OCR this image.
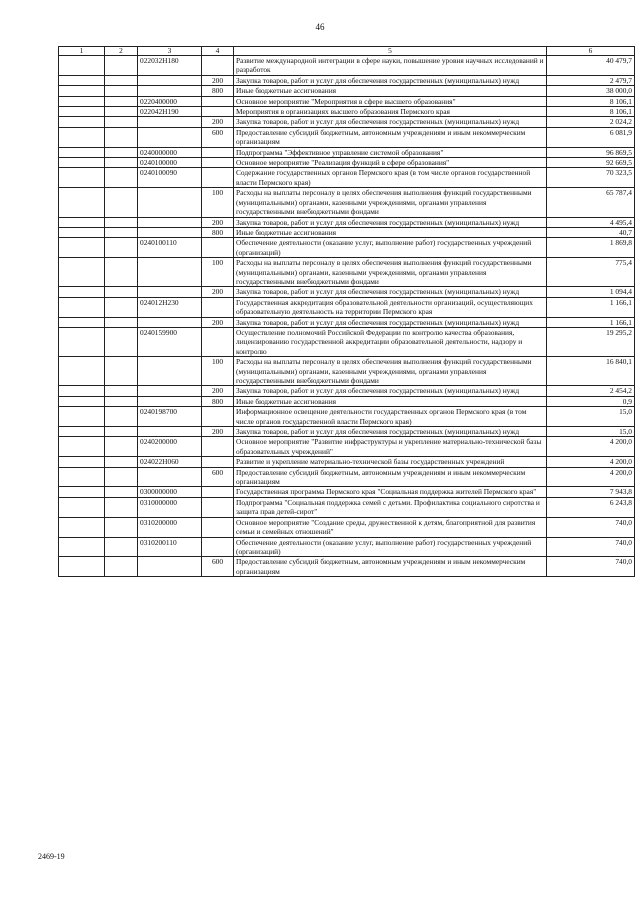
46
1	2	3	4	5	6
		022032Н180		Развитие международной интеграции в сфере науки, повышение уровня научных исследований и разработок	40 479,7
			200	Закупка товаров, работ и услуг для обеспечения государственных (муниципальных) нужд	2 479,7
			800	Иные бюджетные ассигнования	38 000,0
		0220400000		Основное мероприятие "Мероприятия в сфере высшего образования"	8 106,1
		022042Н190		Мероприятия в организациях высшего образования Пермского края	8 106,1
			200	Закупка товаров, работ и услуг для обеспечения государственных (муниципальных) нужд	2 024,2
			600	Предоставление субсидий бюджетным, автономным учреждениям и иным некоммерческим организациям	6 081,9
		0240000000		Подпрограмма "Эффективное управление системой образования"	96 869,5
		0240100000		Основное мероприятие "Реализация функций в сфере образования"	92 669,5
		0240100090		Содержание государственных органов Пермского края (в том числе органов государственной власти Пермского края)	70 323,5
			100	Расходы на выплаты персоналу в целях обеспечения выполнения функций государственными (муниципальными) органами, казенными учреждениями, органами управления государственными внебюджетными фондами	65 787,4
			200	Закупка товаров, работ и услуг для обеспечения государственных (муниципальных) нужд	4 495,4
			800	Иные бюджетные ассигнования	40,7
		0240100110		Обеспечение деятельности (оказание услуг, выполнение работ) государственных учреждений (организаций)	1 869,8
			100	Расходы на выплаты персоналу в целях обеспечения выполнения функций государственными (муниципальными) органами, казенными учреждениями, органами управления государственными внебюджетными фондами	775,4
			200	Закупка товаров, работ и услуг для обеспечения государственных (муниципальных) нужд	1 094,4
		024012Н230		Государственная аккредитация образовательной деятельности организаций, осуществляющих образовательную деятельность на территории Пермского края	1 166,1
			200	Закупка товаров, работ и услуг для обеспечения государственных (муниципальных) нужд	1 166,1
		0240159900		Осуществление полномочий Российской Федерации по контролю качества образования, лицензированию государственной аккредитации образовательной деятельности, надзору и контролю	19 295,2
			100	Расходы на выплаты персоналу в целях обеспечения выполнения функций государственными (муниципальными) органами, казенными учреждениями, органами управления государственными внебюджетными фондами	16 840,1
			200	Закупка товаров, работ и услуг для обеспечения государственных (муниципальных) нужд	2 454,2
			800	Иные бюджетные ассигнования	0,9
		0240198700		Информационное освещение деятельности государственных органов Пермского края (в том числе органов государственной власти Пермского края)	15,0
			200	Закупка товаров, работ и услуг для обеспечения государственных (муниципальных) нужд	15,0
		0240200000		Основное мероприятие "Развитие инфраструктуры и укрепление материально-технической базы образовательных учреждений"	4 200,0
		024022Н060		Развитие и укрепление материально-технической базы государственных учреждений	4 200,0
			600	Предоставление субсидий бюджетным, автономным учреждениям и иным некоммерческим организациям	4 200,0
		0300000000		Государственная программа Пермского края "Социальная поддержка жителей Пермского края"	7 943,8
		0310000000		Подпрограмма "Социальная поддержка семей с детьми. Профилактика социального сиротства и защита прав детей-сирот"	6 243,8
		0310200000		Основное мероприятие "Создание среды, дружественной к детям, благоприятной для развития семьи и семейных отношений"	740,0
		0310200110		Обеспечение деятельности (оказание услуг, выполнение работ) государственных учреждений (организаций)	740,0
			600	Предоставление субсидий бюджетным, автономным учреждениям и иным некоммерческим организациям	740,0
2469-19
